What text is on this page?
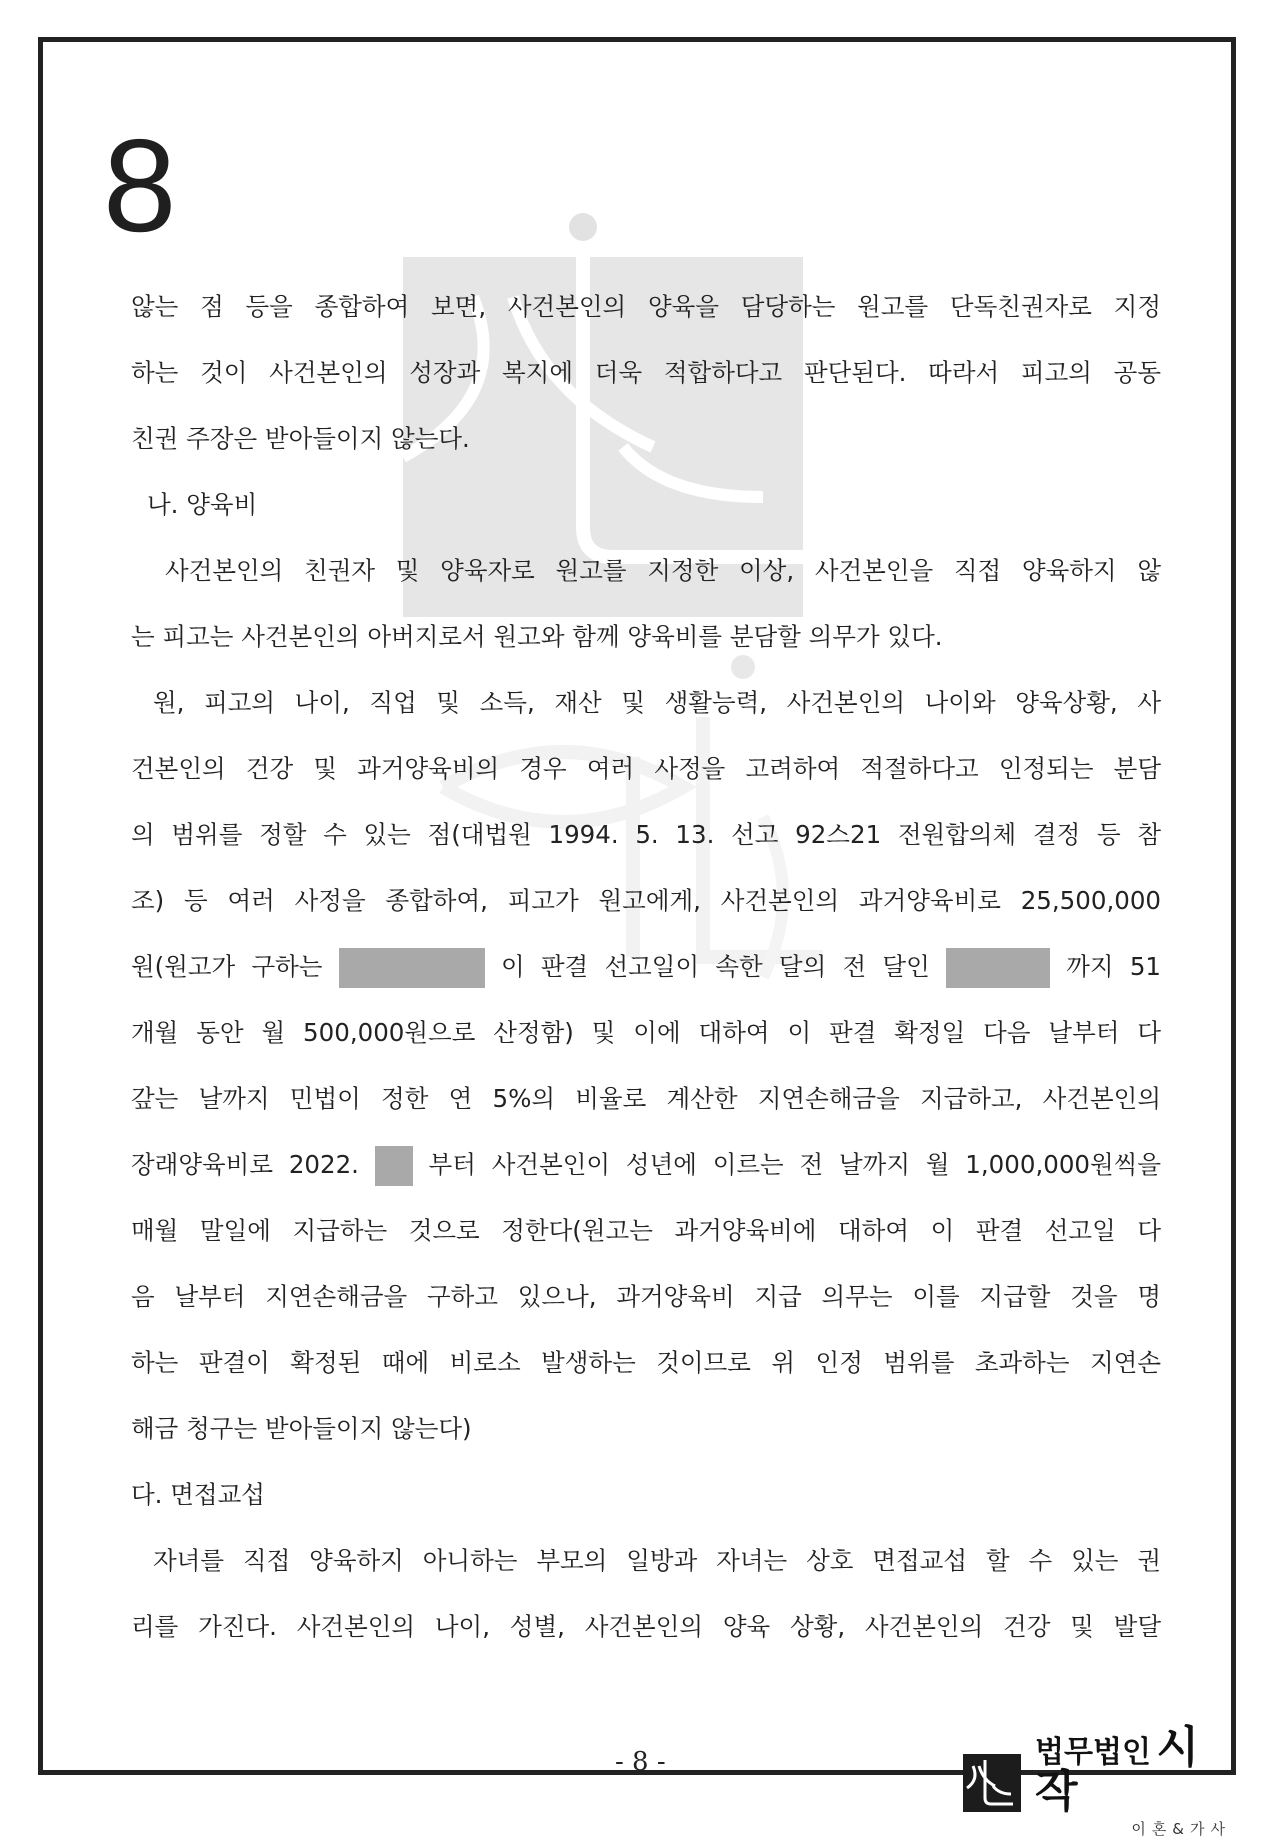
8
않는 점 등을 종합하여 보면, 사건본인의 양육을 담당하는 원고를 단독친권자로 지정
하는 것이 사건본인의 성장과 복지에 더욱 적합하다고 판단된다. 따라서 피고의 공동
친권 주장은 받아들이지 않는다.
나. 양육비
사건본인의 친권자 및 양육자로 원고를 지정한 이상, 사건본인을 직접 양육하지 않
는 피고는 사건본인의 아버지로서 원고와 함께 양육비를 분담할 의무가 있다.
원, 피고의 나이, 직업 및 소득, 재산 및 생활능력, 사건본인의 나이와 양육상황, 사
건본인의 건강 및 과거양육비의 경우 여러 사정을 고려하여 적절하다고 인정되는 분담
의 범위를 정할 수 있는 점(대법원 1994. 5. 13. 선고 92스21 전원합의체 결정 등 참
조) 등 여러 사정을 종합하여, 피고가 원고에게, 사건본인의 과거양육비로 25,500,000
원(원고가 구하는	이 판결 선고일이 속한 달의 전 달인	까지 51
개월 동안 월 500,000원으로 산정함) 및 이에 대하여 이 판결 확정일 다음 날부터 다
갚는 날까지 민법이 정한 연 5%의 비율로 계산한 지연손해금을 지급하고, 사건본인의
장래양육비로 2022.	부터 사건본인이 성년에 이르는 전 날까지 월 1,000,000원씩을
매월 말일에 지급하는 것으로 정한다(원고는 과거양육비에 대하여 이 판결 선고일 다
음 날부터 지연손해금을 구하고 있으나, 과거양육비 지급 의무는 이를 지급할 것을 명
하는 판결이 확정된 때에 비로소 발생하는 것이므로 위 인정 범위를 초과하는 지연손
해금 청구는 받아들이지 않는다)
다. 면접교섭
자녀를 직접 양육하지 아니하는 부모의 일방과 자녀는 상호 면접교섭 할 수 있는 권
리를 가진다. 사건본인의 나이, 성별, 사건본인의 양육 상황, 사건본인의 건강 및 발달
- 8 -	법무법인 시작
이혼&가사
